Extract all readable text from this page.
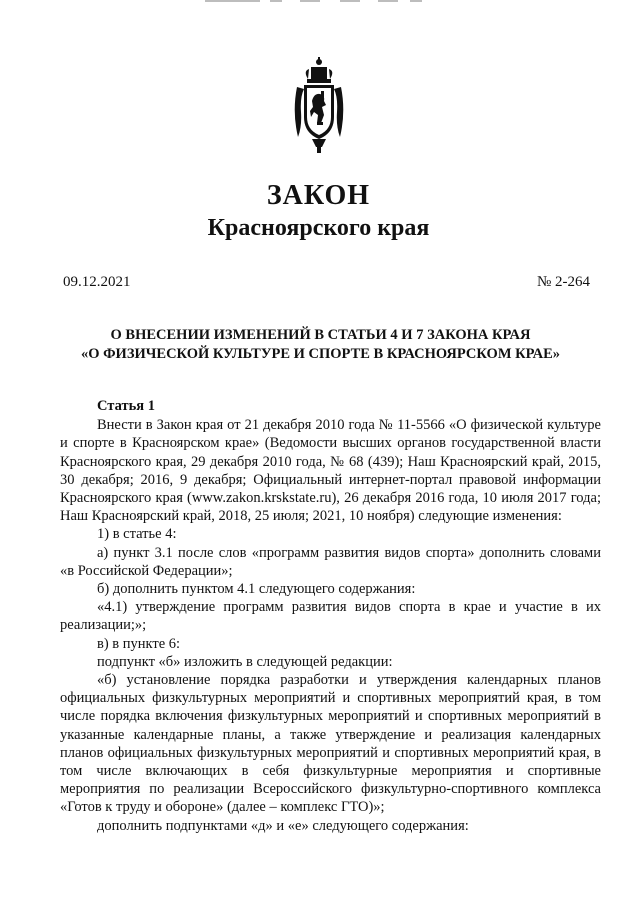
ЗАКОН
Красноярского края
09.12.2021	№ 2-264
О ВНЕСЕНИИ ИЗМЕНЕНИЙ В СТАТЬИ 4 И 7 ЗАКОНА КРАЯ
«О ФИЗИЧЕСКОЙ КУЛЬТУРЕ И СПОРТЕ В КРАСНОЯРСКОМ КРАЕ»

Статья 1

Внести в Закон края от 21 декабря 2010 года № 11-5566 «О физической культуре и спорте в Красноярском крае» (Ведомости высших органов государственной власти Красноярского края, 29 декабря 2010 года, № 68 (439); Наш Красноярский край, 2015, 30 декабря; 2016, 9 декабря; Официальный интернет-портал правовой информации Красноярского края (www.zakon.krskstate.ru), 26 декабря 2016 года, 10 июля 2017 года; Наш Красноярский край, 2018, 25 июля; 2021, 10 ноября) следующие изменения:

1) в статье 4:

а) пункт 3.1 после слов «программ развития видов спорта» дополнить словами «в Российской Федерации»;

б) дополнить пунктом 4.1 следующего содержания:

«4.1) утверждение программ развития видов спорта в крае и участие в их реализации;»;

в) в пункте 6:

подпункт «б» изложить в следующей редакции:

«б) установление порядка разработки и утверждения календарных планов официальных физкультурных мероприятий и спортивных мероприятий края, в том числе порядка включения физкультурных мероприятий и спортивных мероприятий в указанные календарные планы, а также утверждение и реализация календарных планов официальных физкультурных мероприятий и спортивных мероприятий края, в том числе включающих в себя физкультурные мероприятия и спортивные мероприятия по реализации Всероссийского физкультурно-спортивного комплекса «Готов к труду и обороне» (далее – комплекс ГТО)»;

дополнить подпунктами «д» и «е» следующего содержания:
